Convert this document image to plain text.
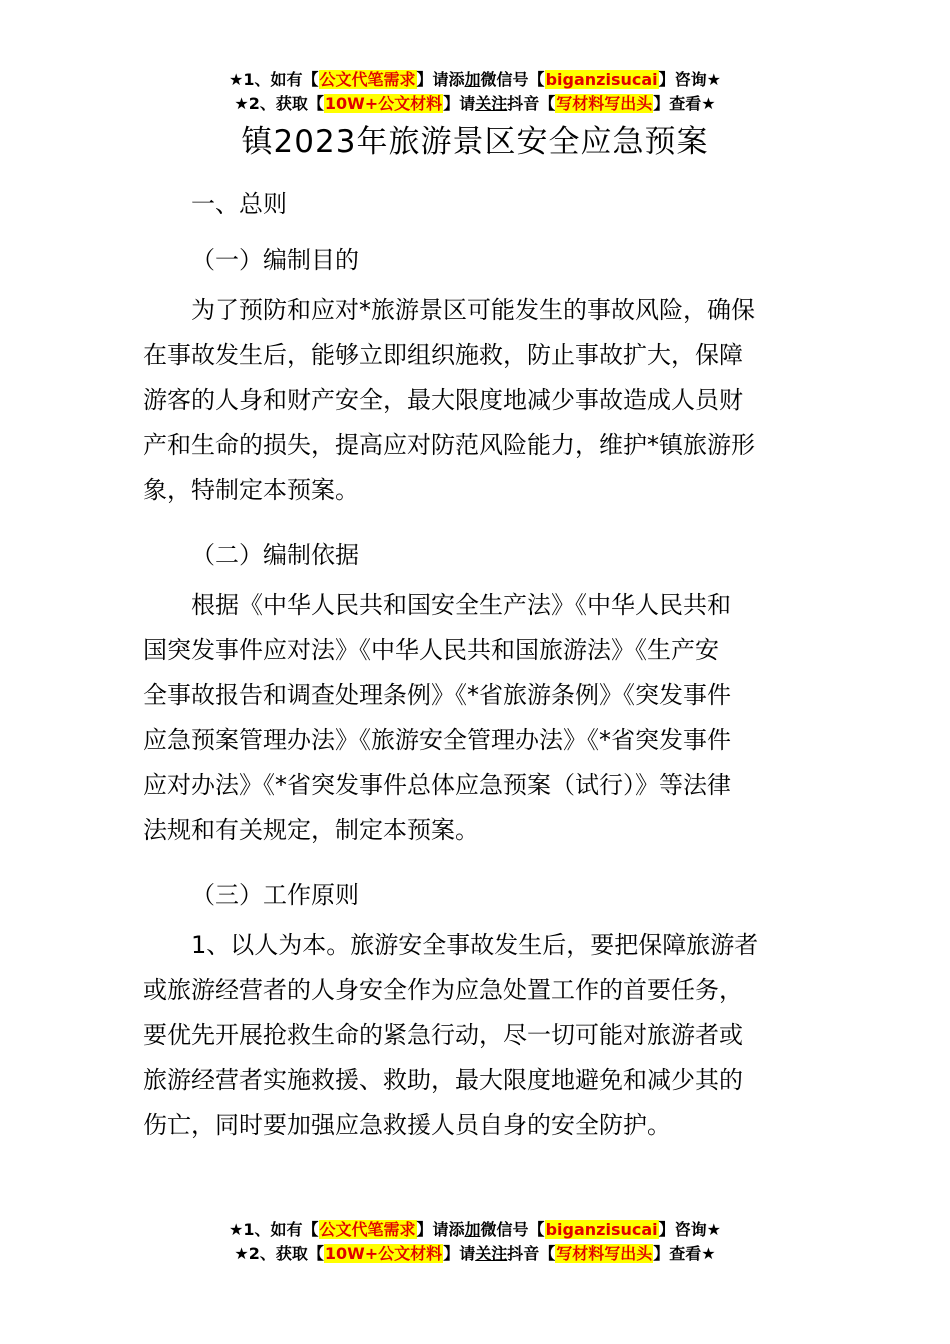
★1、如有【公文代笔需求】请添加微信号【biganzisucai】咨询★
★2、获取【10W+公文材料】请关注抖音【写材料写出头】查看★
镇2023年旅游景区安全应急预案
一、总则
（一）编制目的
为了预防和应对*旅游景区可能发生的事故风险，确保
在事故发生后，能够立即组织施救，防止事故扩大，保障
游客的人身和财产安全，最大限度地减少事故造成人员财
产和生命的损失，提高应对防范风险能力，维护*镇旅游形
象，特制定本预案。
（二）编制依据
根据《中华人民共和国安全生产法》《中华人民共和
国突发事件应对法》《中华人民共和国旅游法》《生产安
全事故报告和调查处理条例》《*省旅游条例》《突发事件
应急预案管理办法》《旅游安全管理办法》《*省突发事件
应对办法》《*省突发事件总体应急预案（试行）》等法律
法规和有关规定，制定本预案。
（三）工作原则
1、以人为本。旅游安全事故发生后，要把保障旅游者
或旅游经营者的人身安全作为应急处置工作的首要任务，
要优先开展抢救生命的紧急行动，尽一切可能对旅游者或
旅游经营者实施救援、救助，最大限度地避免和减少其的
伤亡，同时要加强应急救援人员自身的安全防护。
★1、如有【公文代笔需求】请添加微信号【biganzisucai】咨询★
★2、获取【10W+公文材料】请关注抖音【写材料写出头】查看★
